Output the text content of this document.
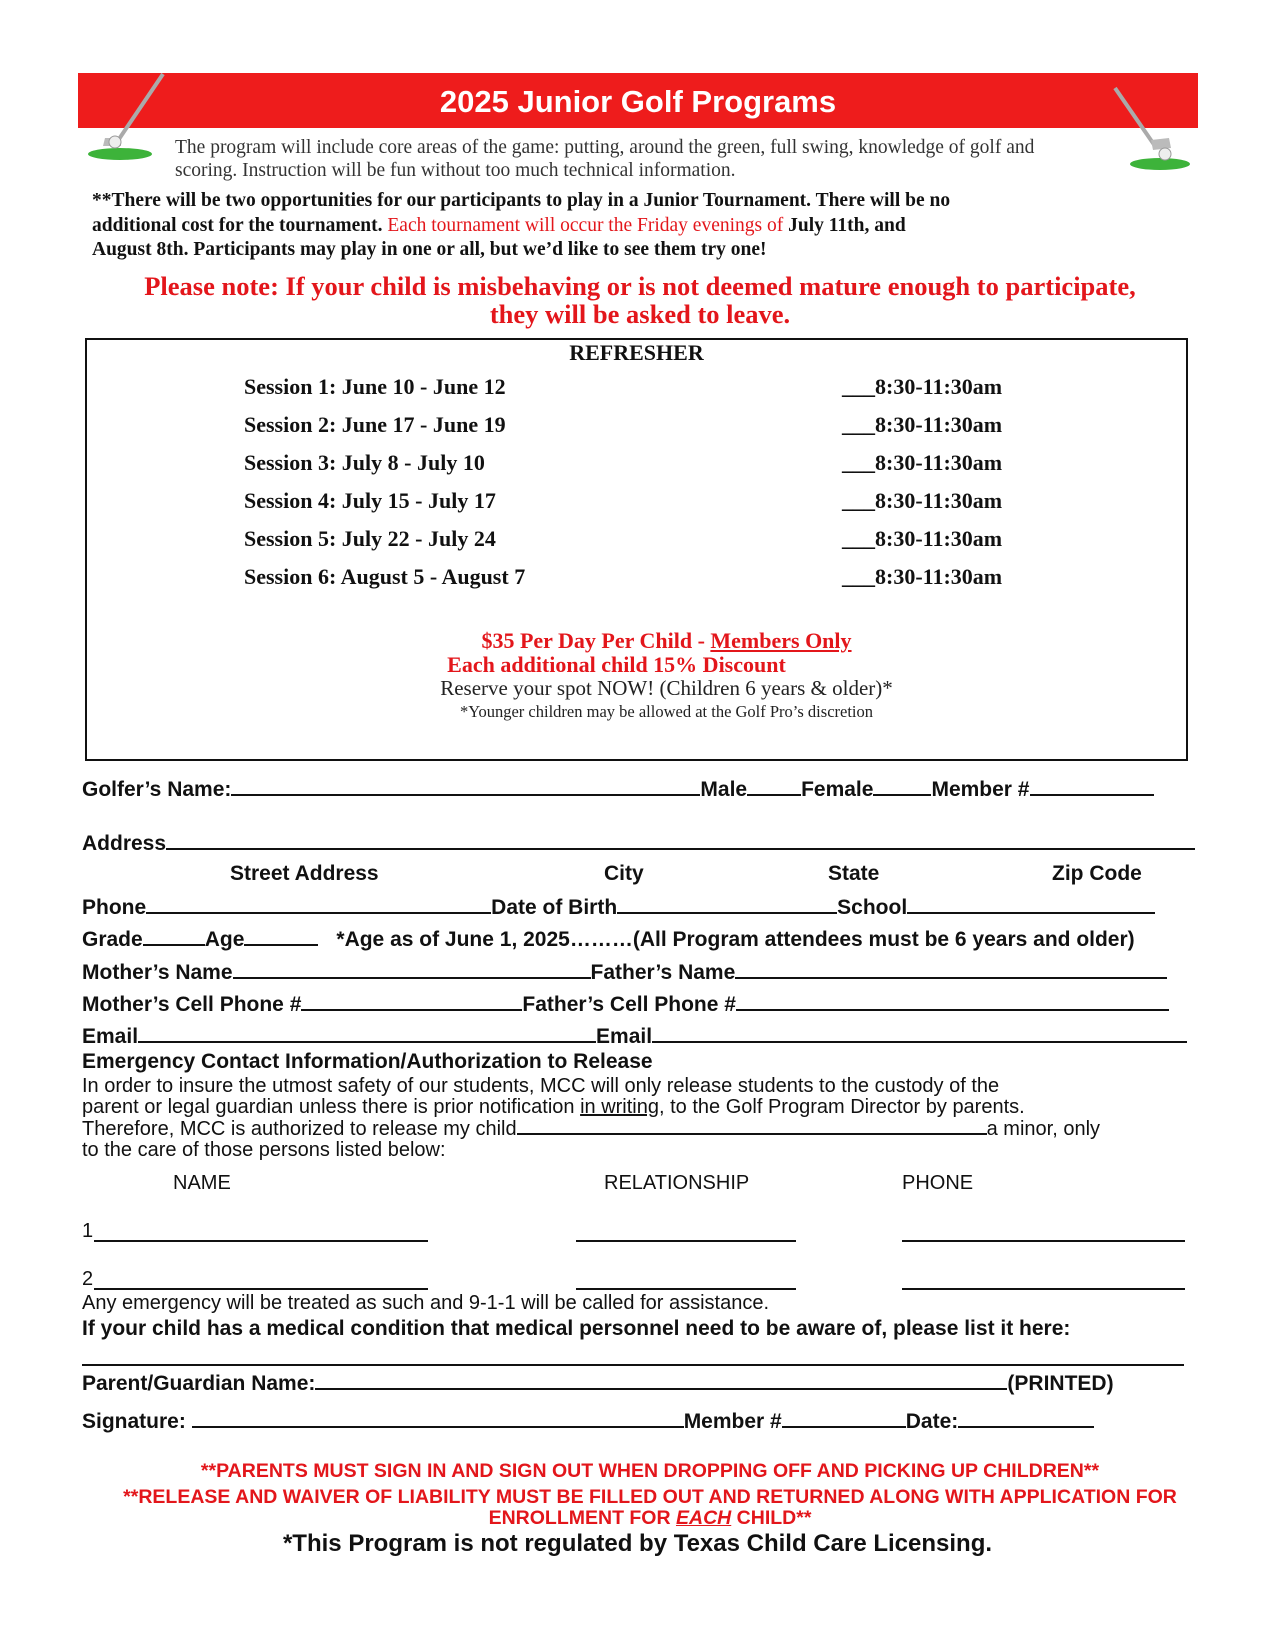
2025 Junior Golf Programs
The program will include core areas of the game: putting, around the green, full swing, knowledge of golf and
scoring. Instruction will be fun without too much technical information.
**There will be two opportunities for our participants to play in a Junior Tournament. There will be no
additional cost for the tournament. Each tournament will occur the Friday evenings of July 11th, and
August 8th. Participants may play in one or all, but we’d like to see them try one!
Please note: If your child is misbehaving or is not deemed mature enough to participate,
they will be asked to leave.
REFRESHER
Session 1: June 10 - June 12	___8:30-11:30am
Session 2: June 17 - June 19	___8:30-11:30am
Session 3: July 8 - July 10	___8:30-11:30am
Session 4: July 15 - July 17	___8:30-11:30am
Session 5: July 22 - July 24	___8:30-11:30am
Session 6: August 5 - August 7	___8:30-11:30am
$35 Per Day Per Child - Members Only
Each additional child 15% Discount
Reserve your spot NOW! (Children 6 years & older)*
*Younger children may be allowed at the Golf Pro’s discretion
Golfer’s Name:	Male	Female	Member #
Address
Street Address	City	State	Zip Code
Phone	Date of Birth	School
Grade	Age	*Age as of June 1, 2025………(All Program attendees must be 6 years and older)
Mother’s Name	Father’s Name
Mother’s Cell Phone #	Father’s Cell Phone #
Email	Email
Emergency Contact Information/Authorization to Release
In order to insure the utmost safety of our students, MCC will only release students to the custody of the
parent or legal guardian unless there is prior notification in writing, to the Golf Program Director by parents.
Therefore, MCC is authorized to release my child	a minor, only
to the care of those persons listed below:
NAME	RELATIONSHIP	PHONE
1
2
Any emergency will be treated as such and 9-1-1 will be called for assistance.
If your child has a medical condition that medical personnel need to be aware of, please list it here:
Parent/Guardian Name:	(PRINTED)
Signature:	Member #	Date:
**PARENTS MUST SIGN IN AND SIGN OUT WHEN DROPPING OFF AND PICKING UP CHILDREN**
**RELEASE AND WAIVER OF LIABILITY MUST BE FILLED OUT AND RETURNED ALONG WITH APPLICATION FOR
ENROLLMENT FOR EACH CHILD**
*This Program is not regulated by Texas Child Care Licensing.
